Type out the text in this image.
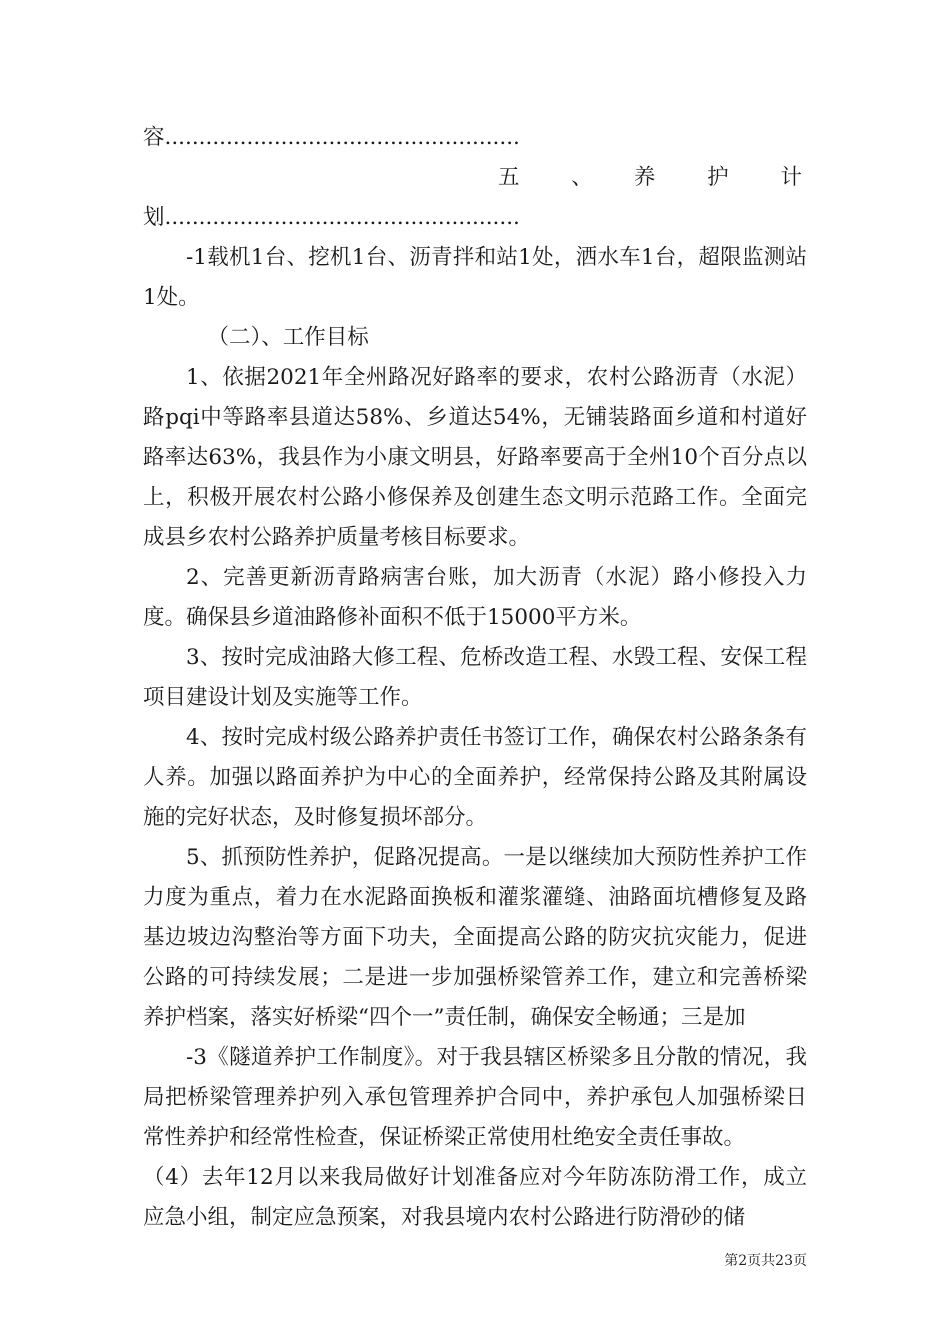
容....................................................

五　　、　　养　　护　　计

划....................................................

-1载机1台、挖机1台、沥青拌和站1处，洒水车1台，超限监测站1处。

（二）、工作目标

1、依据2021年全州路况好路率的要求，农村公路沥青（水泥）路pqi中等路率县道达58%、乡道达54%，无铺装路面乡道和村道好路率达63%，我县作为小康文明县，好路率要高于全州10个百分点以上，积极开展农村公路小修保养及创建生态文明示范路工作。全面完成县乡农村公路养护质量考核目标要求。

2、完善更新沥青路病害台账，加大沥青（水泥）路小修投入力度。确保县乡道油路修补面积不低于15000平方米。

3、按时完成油路大修工程、危桥改造工程、水毁工程、安保工程项目建设计划及实施等工作。

4、按时完成村级公路养护责任书签订工作，确保农村公路条条有人养。加强以路面养护为中心的全面养护，经常保持公路及其附属设施的完好状态，及时修复损坏部分。

5、抓预防性养护，促路况提高。一是以继续加大预防性养护工作力度为重点，着力在水泥路面换板和灌浆灌缝、油路面坑槽修复及路基边坡边沟整治等方面下功夫，全面提高公路的防灾抗灾能力，促进公路的可持续发展；二是进一步加强桥梁管养工作，建立和完善桥梁养护档案，落实好桥梁“四个一”责任制，确保安全畅通；三是加

-3《隧道养护工作制度》。对于我县辖区桥梁多且分散的情况，我局把桥梁管理养护列入承包管理养护合同中，养护承包人加强桥梁日常性养护和经常性检查，保证桥梁正常使用杜绝安全责任事故。

（4）去年12月以来我局做好计划准备应对今年防冻防滑工作，成立应急小组，制定应急预案，对我县境内农村公路进行防滑砂的储

第2页共23页
